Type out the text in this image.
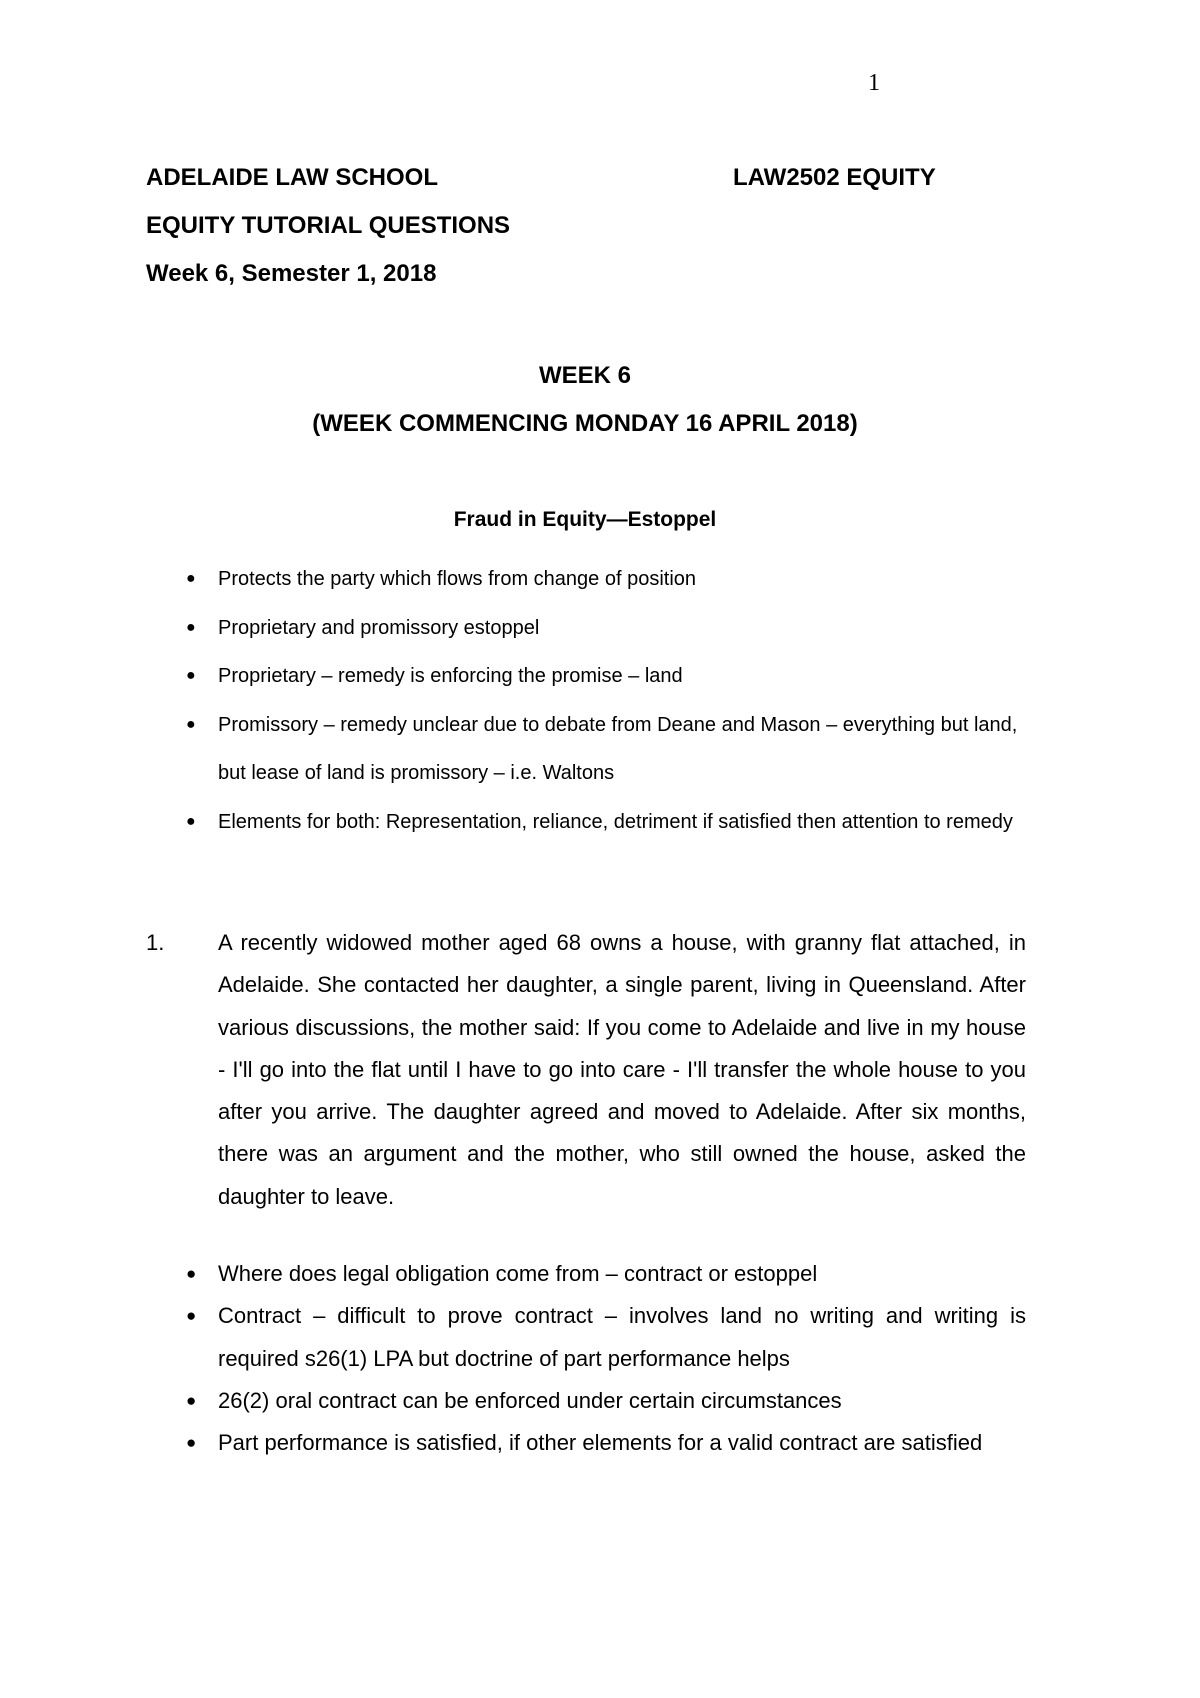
1
ADELAIDE LAW SCHOOL	LAW2502 EQUITY
EQUITY TUTORIAL QUESTIONS
Week 6, Semester 1, 2018
WEEK 6
(WEEK COMMENCING MONDAY 16 APRIL 2018)
Fraud in Equity—Estoppel
● Protects the party which flows from change of position
● Proprietary and promissory estoppel
● Proprietary – remedy is enforcing the promise – land
● Promissory – remedy unclear due to debate from Deane and Mason – everything but land, but lease of land is promissory – i.e. Waltons
● Elements for both: Representation, reliance, detriment if satisfied then attention to remedy
1. A recently widowed mother aged 68 owns a house, with granny flat attached, in Adelaide. She contacted her daughter, a single parent, living in Queensland. After various discussions, the mother said: If you come to Adelaide and live in my house - I'll go into the flat until I have to go into care - I'll transfer the whole house to you after you arrive. The daughter agreed and moved to Adelaide. After six months, there was an argument and the mother, who still owned the house, asked the daughter to leave.
● Where does legal obligation come from – contract or estoppel
● Contract – difficult to prove contract – involves land no writing and writing is required s26(1) LPA but doctrine of part performance helps
● 26(2) oral contract can be enforced under certain circumstances
● Part performance is satisfied, if other elements for a valid contract are satisfied
